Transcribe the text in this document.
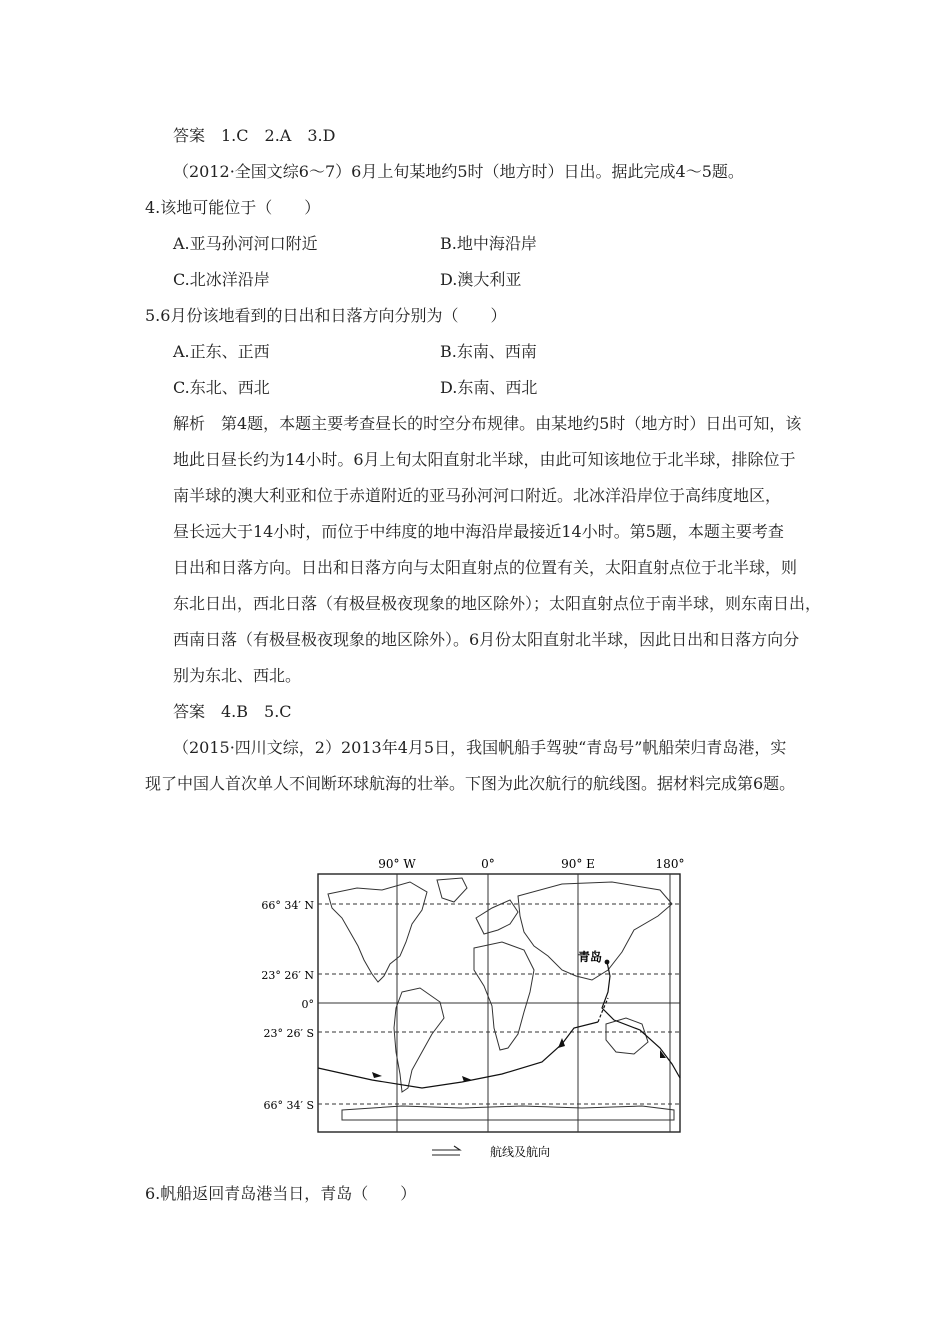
答案　1.C　2.A　3.D
（2012·全国文综6～7）6月上旬某地约5时（地方时）日出。据此完成4～5题。
4.该地可能位于（　　）
A.亚马孙河河口附近	B.地中海沿岸
C.北冰洋沿岸	D.澳大利亚
5.6月份该地看到的日出和日落方向分别为（　　）
A.正东、正西	B.东南、西南
C.东北、西北	D.东南、西北
解析　第4题，本题主要考查昼长的时空分布规律。由某地约5时（地方时）日出可知，该
地此日昼长约为14小时。6月上旬太阳直射北半球，由此可知该地位于北半球，排除位于
南半球的澳大利亚和位于赤道附近的亚马孙河河口附近。北冰洋沿岸位于高纬度地区，
昼长远大于14小时，而位于中纬度的地中海沿岸最接近14小时。第5题，本题主要考查
日出和日落方向。日出和日落方向与太阳直射点的位置有关，太阳直射点位于北半球，则
东北日出，西北日落（有极昼极夜现象的地区除外）；太阳直射点位于南半球，则东南日出，
西南日落（有极昼极夜现象的地区除外）。6月份太阳直射北半球，因此日出和日落方向分
别为东北、西北。
答案　4.B　5.C
（2015·四川文综，2）2013年4月5日，我国帆船手驾驶“青岛号”帆船荣归青岛港，实
现了中国人首次单人不间断环球航海的壮举。下图为此次航行的航线图。据材料完成第6题。
90° W	0°	90° E	180°
66° 34′ N
23° 26′ N
0°
23° 26′ S
66° 34′ S
青岛
航线及航向
6.帆船返回青岛港当日，青岛（　　）
